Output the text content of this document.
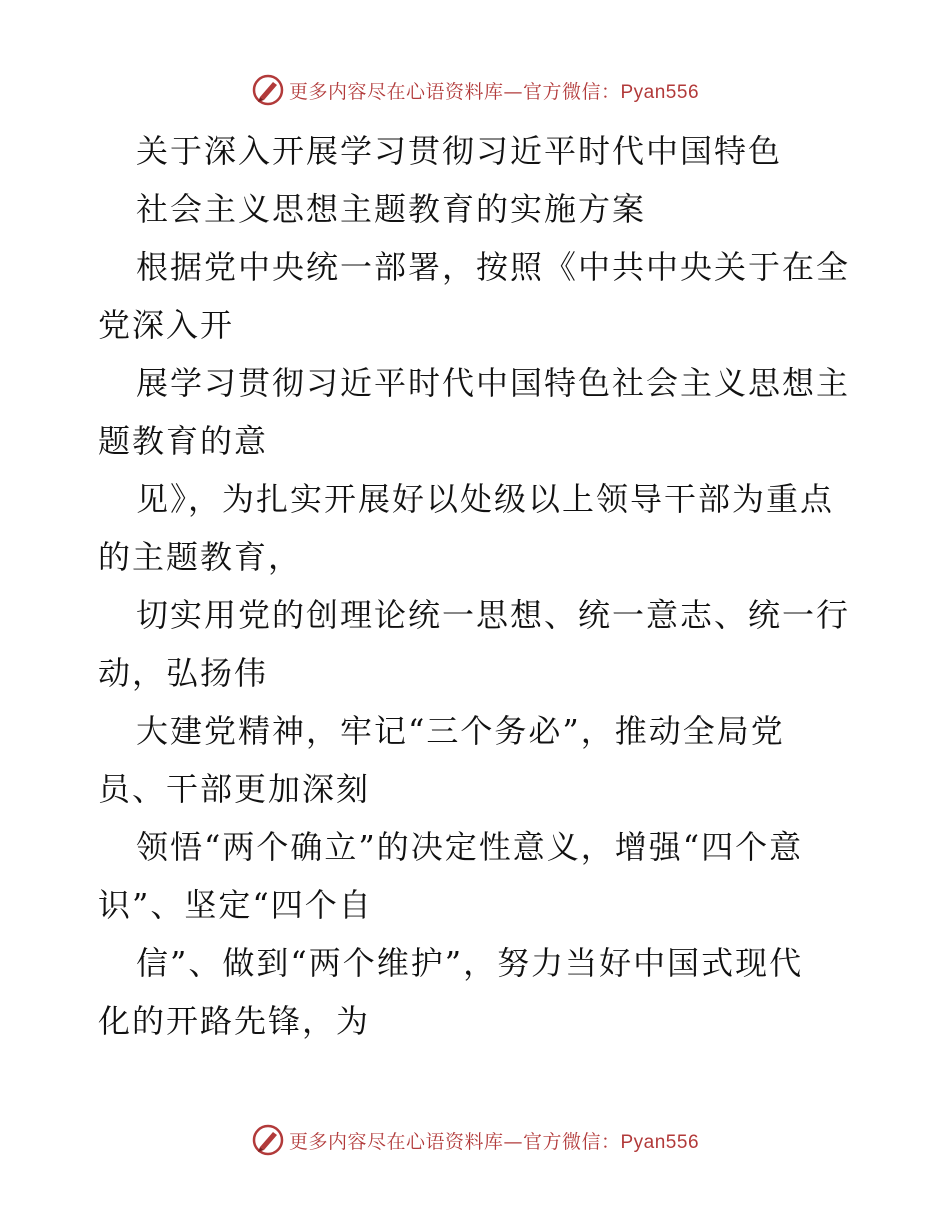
更多内容尽在心语资料库—官方微信：Pyan556
关于深入开展学习贯彻习近平时代中国特色
社会主义思想主题教育的实施方案
根据党中央统一部署，按照《中共中央关于在全
党深入开
展学习贯彻习近平时代中国特色社会主义思想主
题教育的意
见》，为扎实开展好以处级以上领导干部为重点
的主题教育，
切实用党的创理论统一思想、统一意志、统一行
动，弘扬伟
大建党精神，牢记“三个务必”，推动全局党
员、干部更加深刻
领悟“两个确立”的决定性意义，增强“四个意
识”、坚定“四个自
信”、做到“两个维护”，努力当好中国式现代
化的开路先锋，为
更多内容尽在心语资料库—官方微信：Pyan556
